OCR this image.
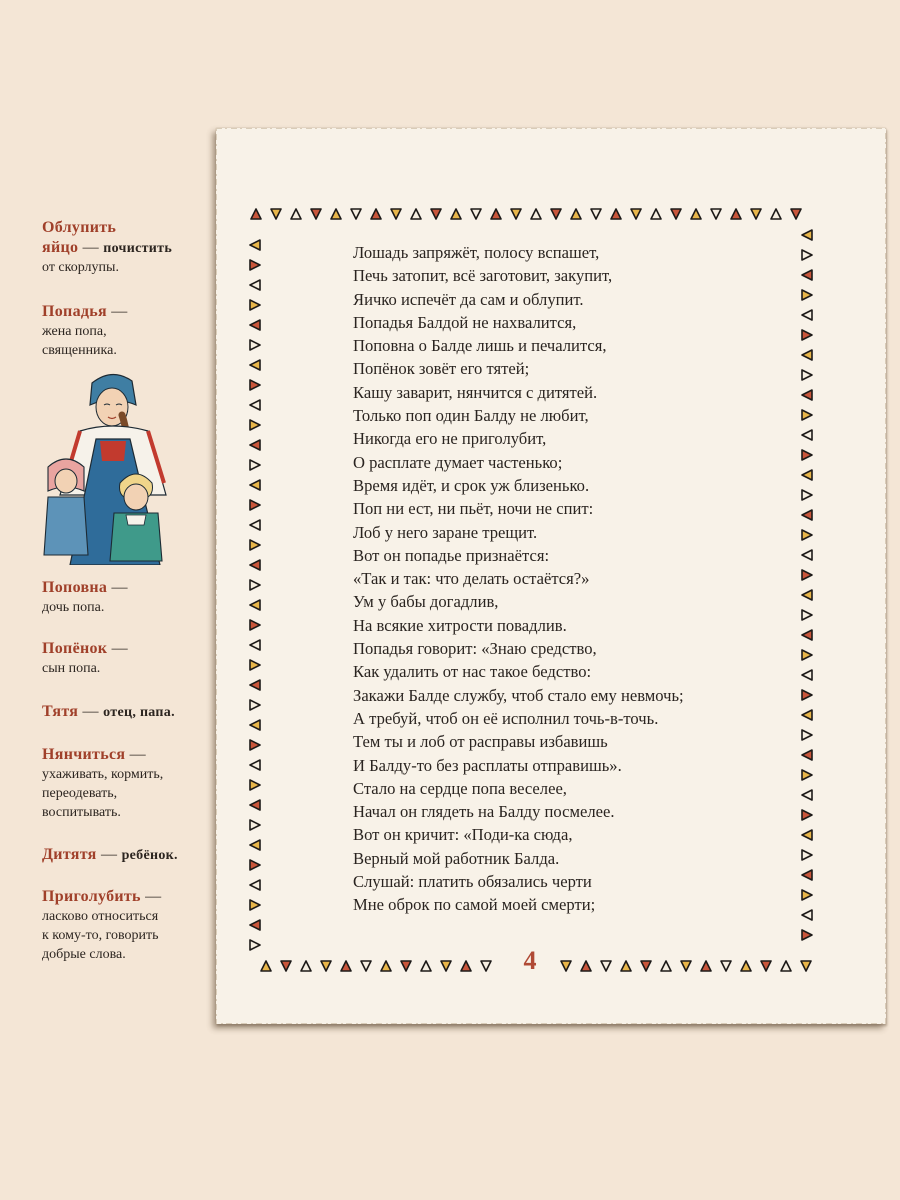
Облупить
яйцо — почистить
от скорлупы.
Попадья —
жена попа,
священника.
Поповна —
дочь попа.
Попёнок —
сын попа.
Тятя — отец, папа.
Нянчиться —
ухаживать, кормить,
переодевать,
воспитывать.
Дитятя — ребёнок.
Приголубить —
ласково относиться
к кому-то, говорить
добрые слова.
Лошадь запряжёт, полосу вспашет,
Печь затопит, всё заготовит, закупит,
Яичко испечёт да сам и облупит.
Попадья Балдой не нахвалится,
Поповна о Балде лишь и печалится,
Попёнок зовёт его тятей;
Кашу заварит, нянчится с дитятей.
Только поп один Балду не любит,
Никогда его не приголубит,
О расплате думает частенько;
Время идёт, и срок уж близенько.
Поп ни ест, ни пьёт, ночи не спит:
Лоб у него заране трещит.
Вот он попадье признаётся:
«Так и так: что делать остаётся?»
Ум у бабы догадлив,
На всякие хитрости повадлив.
Попадья говорит: «Знаю средство,
Как удалить от нас такое бедство:
Закажи Балде службу, чтоб стало ему невмочь;
А требуй, чтоб он её исполнил точь-в-точь.
Тем ты и лоб от расправы избавишь
И Балду-то без расплаты отправишь».
Стало на сердце попа веселее,
Начал он глядеть на Балду посмелее.
Вот он кричит: «Поди-ка сюда,
Верный мой работник Балда.
Слушай: платить обязались черти
Мне оброк по самой моей смерти;
4
